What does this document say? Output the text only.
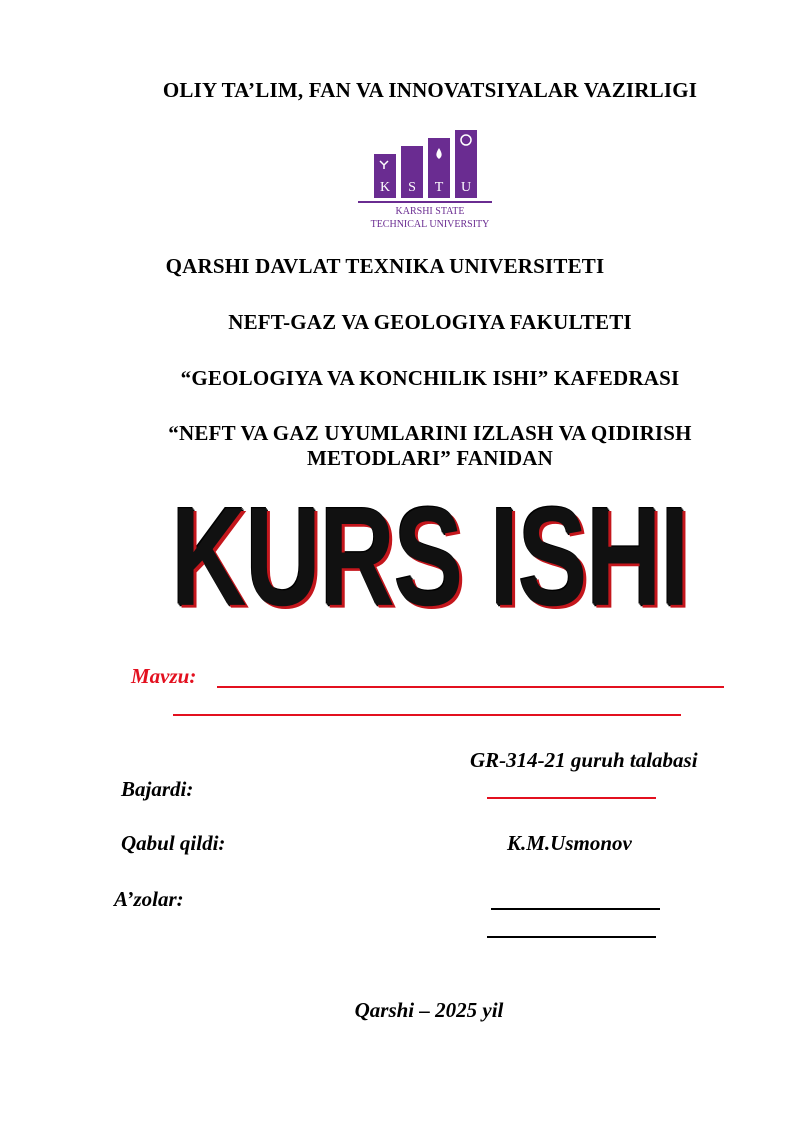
OLIY TA’LIM, FAN VA INNOVATSIYALAR VAZIRLIGI
K S T U
KARSHI STATE
TECHNICAL UNIVERSITY
QARSHI DAVLAT TEXNIKA UNIVERSITETI
NEFT-GAZ VA GEOLOGIYA FAKULTETI
“GEOLOGIYA VA KONCHILIK ISHI” KAFEDRASI
“NEFT VA GAZ UYUMLARINI IZLASH VA QIDIRISH
METODLARI” FANIDAN
KURS ISHI
Mavzu:
GR-314-21 guruh talabasi
Bajardi:
Qabul qildi:	K.M.Usmonov
A’zolar:
Qarshi – 2025 yil
